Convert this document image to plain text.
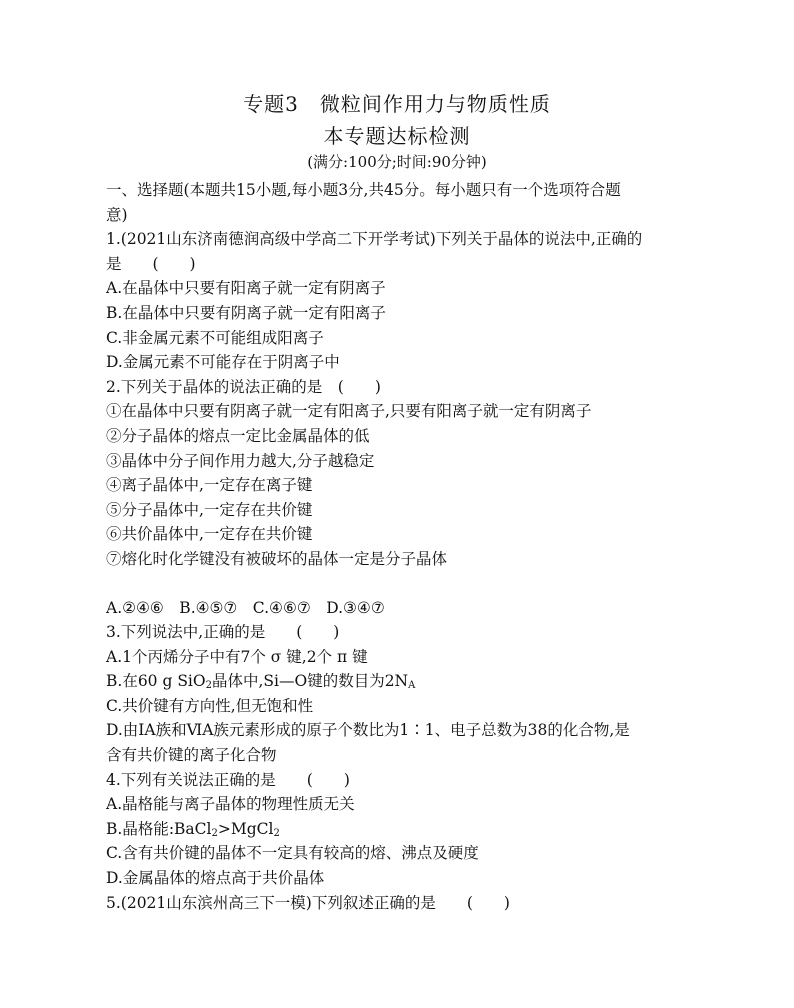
专题3　微粒间作用力与物质性质
本专题达标检测
(满分:100分;时间:90分钟)
一、选择题(本题共15小题,每小题3分,共45分。每小题只有一个选项符合题
意)
1.(2021山东济南德润高级中学高二下开学考试)下列关于晶体的说法中,正确的
是　　(　　)
A.在晶体中只要有阳离子就一定有阴离子
B.在晶体中只要有阴离子就一定有阳离子
C.非金属元素不可能组成阳离子
D.金属元素不可能存在于阴离子中
2.下列关于晶体的说法正确的是　(　　)
①在晶体中只要有阴离子就一定有阳离子,只要有阳离子就一定有阴离子
②分子晶体的熔点一定比金属晶体的低
③晶体中分子间作用力越大,分子越稳定
④离子晶体中,一定存在离子键
⑤分子晶体中,一定存在共价键
⑥共价晶体中,一定存在共价键
⑦熔化时化学键没有被破坏的晶体一定是分子晶体
A.②④⑥　B.④⑤⑦　C.④⑥⑦　D.③④⑦
3.下列说法中,正确的是　　(　　)
A.1个丙烯分子中有7个 σ 键,2个 π 键
B.在60 g SiO$_2$晶体中,Si—O键的数目为$2N_A$
C.共价键有方向性,但无饱和性
D.由ⅠA族和ⅥA族元素形成的原子个数比为1∶1、电子总数为38的化合物,是
含有共价键的离子化合物
4.下列有关说法正确的是　　(　　)
A.晶格能与离子晶体的物理性质无关
B.晶格能:BaCl$_2$>MgCl$_2$
C.含有共价键的晶体不一定具有较高的熔、沸点及硬度
D.金属晶体的熔点高于共价晶体
5.(2021山东滨州高三下一模)下列叙述正确的是　　(　　)
